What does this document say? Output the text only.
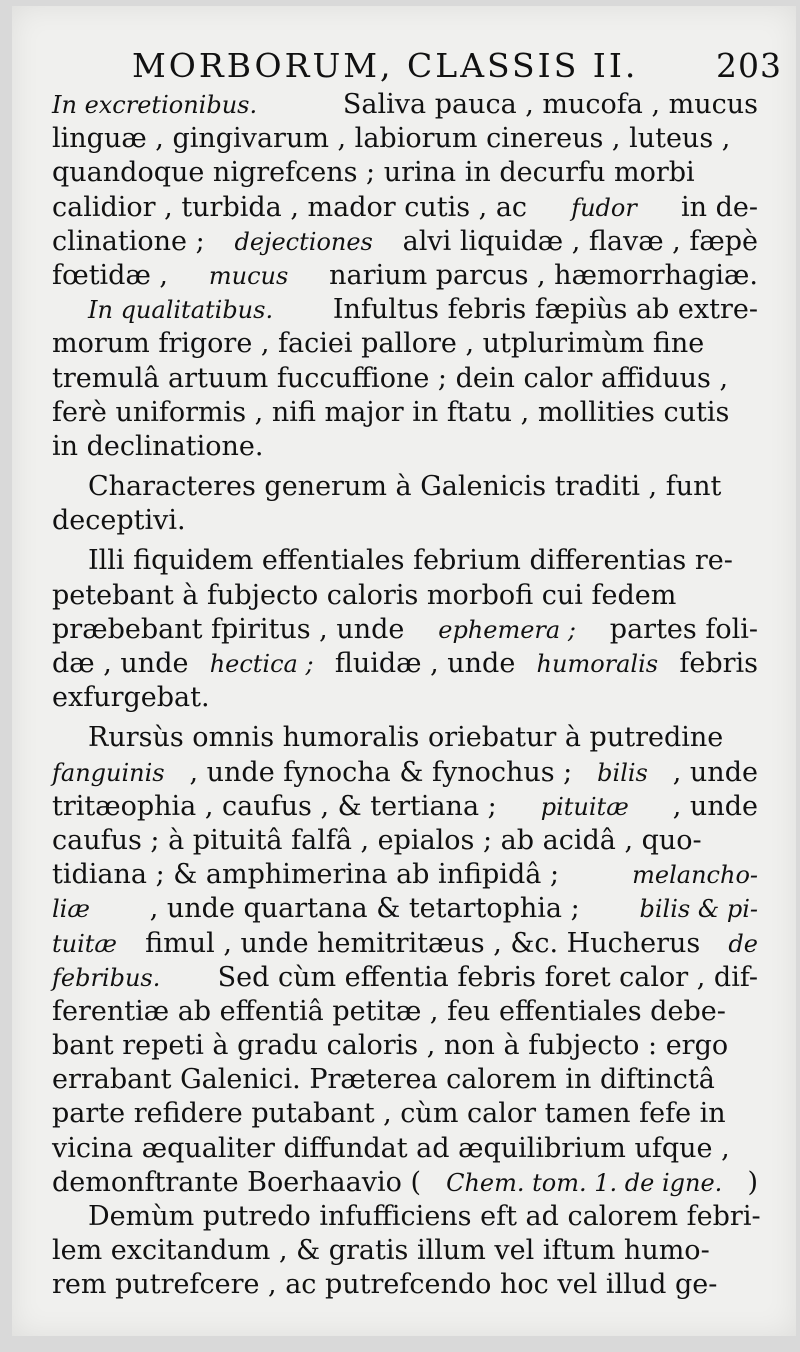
MORBORUM, CLASSIS II. 203
In excretionibus.	Saliva pauca , mucofa , mucus
linguæ , gingivarum , labiorum cinereus , luteus ,
quandoque nigrefcens ; urina in decurfu morbi
calidior , turbida , mador cutis , ac fudor in de-
clinatione ; dejectiones alvi liquidæ , flavæ , fæpè
fœtidæ , mucus narium parcus , hæmorrhagiæ.
In qualitatibus. Infultus febris fæpiùs ab extre-
morum frigore , faciei pallore , utplurimùm fine
tremulâ artuum fuccuffione ; dein calor affiduus ,
ferè uniformis , nifi major in ftatu , mollities cutis
in declinatione.
Characteres generum à Galenicis traditi , funt
deceptivi.
Illi fiquidem effentiales febrium differentias re-
petebant à fubjecto caloris morbofi cui fedem
præbebant fpiritus , unde ephemera ; partes foli-
dæ , unde hectica ; fluidæ , unde humoralis febris
exfurgebat.
Rursùs omnis humoralis oriebatur à putredine
fanguinis , unde fynocha & fynochus ; bilis , unde
tritæophia , caufus , & tertiana ; pituitæ , unde
caufus ; à pituitâ falfâ , epialos ; ab acidâ , quo-
tidiana ; & amphimerina ab infipidâ ;	melancho-
liæ , unde quartana & tetartophia ; bilis & pi-
tuitæ fimul , unde hemitritæus , &c. Hucherus de
febribus. Sed cùm effentia febris foret calor , dif-
ferentiæ ab effentiâ petitæ , feu effentiales debe-
bant repeti à gradu caloris , non à fubjecto : ergo
errabant Galenici. Præterea calorem in diftinctâ
parte refidere putabant , cùm calor tamen fefe in
vicina æqualiter diffundat ad æquilibrium ufque ,
demonftrante Boerhaavio ( Chem. tom. 1. de igne. )
Demùm putredo infufficiens eft ad calorem febri-
lem excitandum , & gratis illum vel iftum humo-
rem putrefcere , ac putrefcendo hoc vel illud ge-
